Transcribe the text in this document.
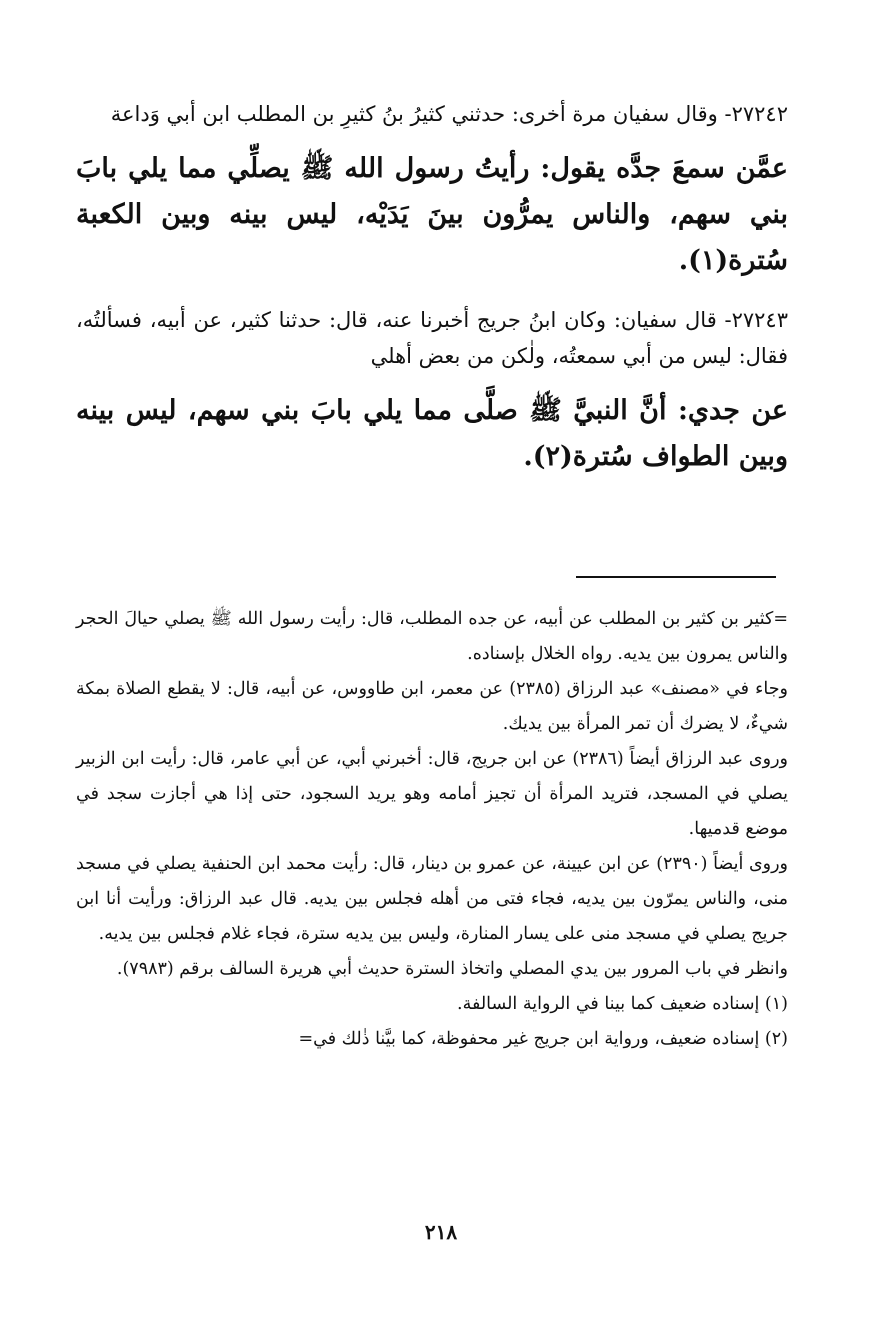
٢٧٢٤٢- وقال سفيان مرة أخرى: حدثني كثيرُ بنُ كثيرِ بن المطلب ابن أبي وَداعة

عمَّن سمعَ جدَّه يقول: رأيتُ رسول الله ﷺ يصلِّي مما يلي بابَ بني سهم، والناس يمرُّون بينَ يَدَيْه، ليس بينه وبين الكعبة سُترة(١).

٢٧٢٤٣- قال سفيان: وكان ابنُ جريج أخبرنا عنه، قال: حدثنا كثير، عن أبيه، فسألتُه، فقال: ليس من أبي سمعتُه، ولٰكن من بعض أهلي

عن جدي: أنَّ النبيَّ ﷺ صلَّى مما يلي بابَ بني سهم، ليس بينه وبين الطواف سُترة(٢).

=كثير بن كثير بن المطلب عن أبيه، عن جده المطلب، قال: رأيت رسول الله ﷺ يصلي حيالَ الحجر والناس يمرون بين يديه. رواه الخلال بإسناده.

وجاء في «مصنف» عبد الرزاق (٢٣٨٥) عن معمر، ابن طاووس، عن أبيه، قال: لا يقطع الصلاة بمكة شيءٌ، لا يضرك أن تمر المرأة بين يديك.

وروى عبد الرزاق أيضاً (٢٣٨٦) عن ابن جريج، قال: أخبرني أبي، عن أبي عامر، قال: رأيت ابن الزبير يصلي في المسجد، فتريد المرأة أن تجيز أمامه وهو يريد السجود، حتى إذا هي أجازت سجد في موضع قدميها.

وروى أيضاً (٢٣٩٠) عن ابن عيينة، عن عمرو بن دينار، قال: رأيت محمد ابن الحنفية يصلي في مسجد منى، والناس يمرّون بين يديه، فجاء فتى من أهله فجلس بين يديه. قال عبد الرزاق: ورأيت أنا ابن جريج يصلي في مسجد منى على يسار المنارة، وليس بين يديه سترة، فجاء غلام فجلس بين يديه.

وانظر في باب المرور بين يدي المصلي واتخاذ السترة حديث أبي هريرة السالف برقم (٧٩٨٣).

(١) إسناده ضعيف كما بينا في الرواية السالفة.

(٢) إسناده ضعيف، ورواية ابن جريج غير محفوظة، كما بيَّنا ذٰلك في=

٢١٨
